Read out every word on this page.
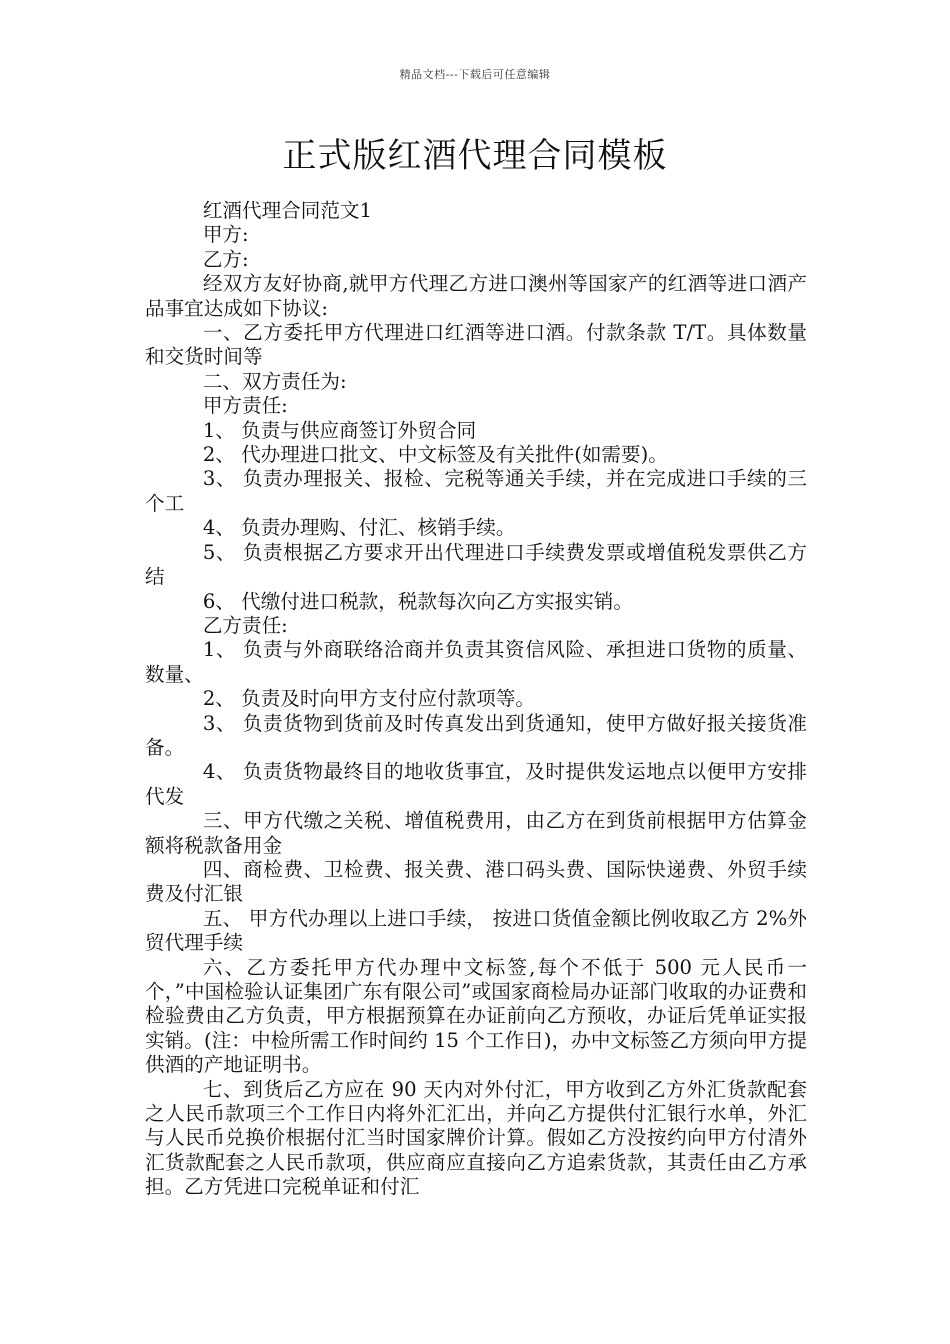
精品文档---下载后可任意编辑
正式版红酒代理合同模板

红酒代理合同范文1

甲方:

乙方:

经双方友好协商,就甲方代理乙方进口澳州等国家产的红酒等进口酒产品事宜达成如下协议:

一、乙方委托甲方代理进口红酒等进口酒。付款条款 T/T。具体数量和交货时间等

二、双方责任为:

甲方责任:

1、 负责与供应商签订外贸合同

2、 代办理进口批文、中文标签及有关批件(如需要)。

3、 负责办理报关、报检、完税等通关手续，并在完成进口手续的三个工

4、 负责办理购、付汇、核销手续。

5、 负责根据乙方要求开出代理进口手续费发票或增值税发票供乙方结

6、 代缴付进口税款，税款每次向乙方实报实销。

乙方责任:

1、 负责与外商联络洽商并负责其资信风险、承担进口货物的质量、数量、

2、 负责及时向甲方支付应付款项等。

3、 负责货物到货前及时传真发出到货通知，使甲方做好报关接货准备。

4、 负责货物最终目的地收货事宜，及时提供发运地点以便甲方安排代发

三、甲方代缴之关税、增值税费用，由乙方在到货前根据甲方估算金额将税款备用金

四、商检费、卫检费、报关费、港口码头费、国际快递费、外贸手续费及付汇银

五、 甲方代办理以上进口手续， 按进口货值金额比例收取乙方 2%外贸代理手续

六、乙方委托甲方代办理中文标签,每个不低于 500 元人民币一个，”中国检验认证集团广东有限公司”或国家商检局办证部门收取的办证费和检验费由乙方负责，甲方根据预算在办证前向乙方预收，办证后凭单证实报实销。(注：中检所需工作时间约 15 个工作日)，办中文标签乙方须向甲方提供酒的产地证明书。

七、到货后乙方应在 90 天内对外付汇，甲方收到乙方外汇货款配套之人民币款项三个工作日内将外汇汇出，并向乙方提供付汇银行水单，外汇与人民币兑换价根据付汇当时国家牌价计算。假如乙方没按约向甲方付清外汇货款配套之人民币款项，供应商应直接向乙方追索货款，其责任由乙方承担。乙方凭进口完税单证和付汇
